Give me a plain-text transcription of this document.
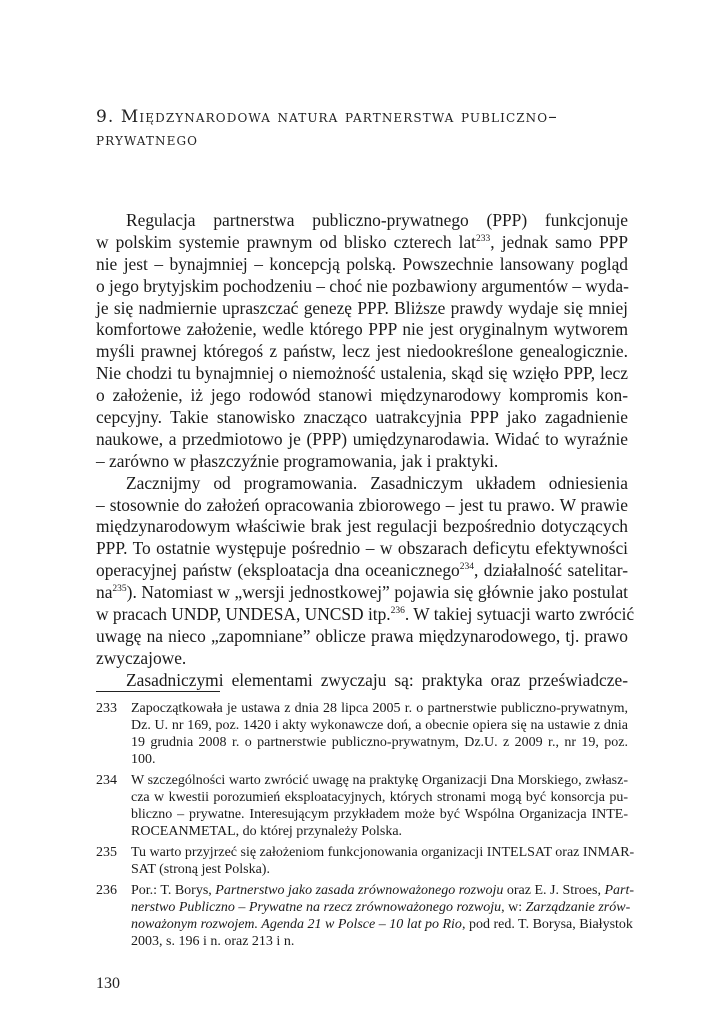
9. Międzynarodowa natura partnerstwa publiczno–
prywatnego
Regulacja partnerstwa publiczno-prywatnego (PPP) funkcjonuje
w polskim systemie prawnym od blisko czterech lat$^{233}$, jednak samo PPP
nie jest – bynajmniej – koncepcją polską. Powszechnie lansowany pogląd
o jego brytyjskim pochodzeniu – choć nie pozbawiony argumentów – wyda-
je się nadmiernie upraszczać genezę PPP. Bliższe prawdy wydaje się mniej
komfortowe założenie, wedle którego PPP nie jest oryginalnym wytworem
myśli prawnej któregoś z państw, lecz jest niedookreślone genealogicznie.
Nie chodzi tu bynajmniej o niemożność ustalenia, skąd się wzięło PPP, lecz
o założenie, iż jego rodowód stanowi międzynarodowy kompromis kon-
cepcyjny. Takie stanowisko znacząco uatrakcyjnia PPP jako zagadnienie
naukowe, a przedmiotowo je (PPP) umiędzynarodawia. Widać to wyraźnie
– zarówno w płaszczyźnie programowania, jak i praktyki.
Zacznijmy od programowania. Zasadniczym układem odniesienia
– stosownie do założeń opracowania zbiorowego – jest tu prawo. W prawie
międzynarodowym właściwie brak jest regulacji bezpośrednio dotyczących
PPP. To ostatnie występuje pośrednio – w obszarach deficytu efektywności
operacyjnej państw (eksploatacja dna oceanicznego$^{234}$, działalność satelitar-
$na^{235}$). Natomiast w „wersji jednostkowej” pojawia się głównie jako postulat
w pracach UNDP, UNDESA, UNCSD itp.$^{236}$. W takiej sytuacji warto zwrócić
uwagę na nieco „zapomniane” oblicze prawa międzynarodowego, tj. prawo
zwyczajowe.
Zasadniczymi elementami zwyczaju są: praktyka oraz przeświadcze-
233 Zapoczątkowała je ustawa z dnia 28 lipca 2005 r. o partnerstwie publiczno-prywatnym,
Dz. U. nr 169, poz. 1420 i akty wykonawcze doń, a obecnie opiera się na ustawie z dnia
19 grudnia 2008 r. o partnerstwie publiczno-prywatnym, Dz.U. z 2009 r., nr 19, poz.
100.
234 W szczególności warto zwrócić uwagę na praktykę Organizacji Dna Morskiego, zwłasz-
cza w kwestii porozumień eksploatacyjnych, których stronami mogą być konsorcja pu-
bliczno – prywatne. Interesującym przykładem może być Wspólna Organizacja INTE-
ROCEANMETAL, do której przynależy Polska.
235 Tu warto przyjrzeć się założeniom funkcjonowania organizacji INTELSAT oraz INMAR-
SAT (stroną jest Polska).
236 Por.: T. Borys, Partnerstwo jako zasada zrównoważonego rozwoju oraz E. J. Stroes, Part-
nerstwo Publiczno – Prywatne na rzecz zrównoważonego rozwoju, w: Zarządzanie zrów-
noważonym rozwojem. Agenda 21 w Polsce – 10 lat po Rio, pod red. T. Borysa, Białystok
2003, s. 196 i n. oraz 213 i n.
130
